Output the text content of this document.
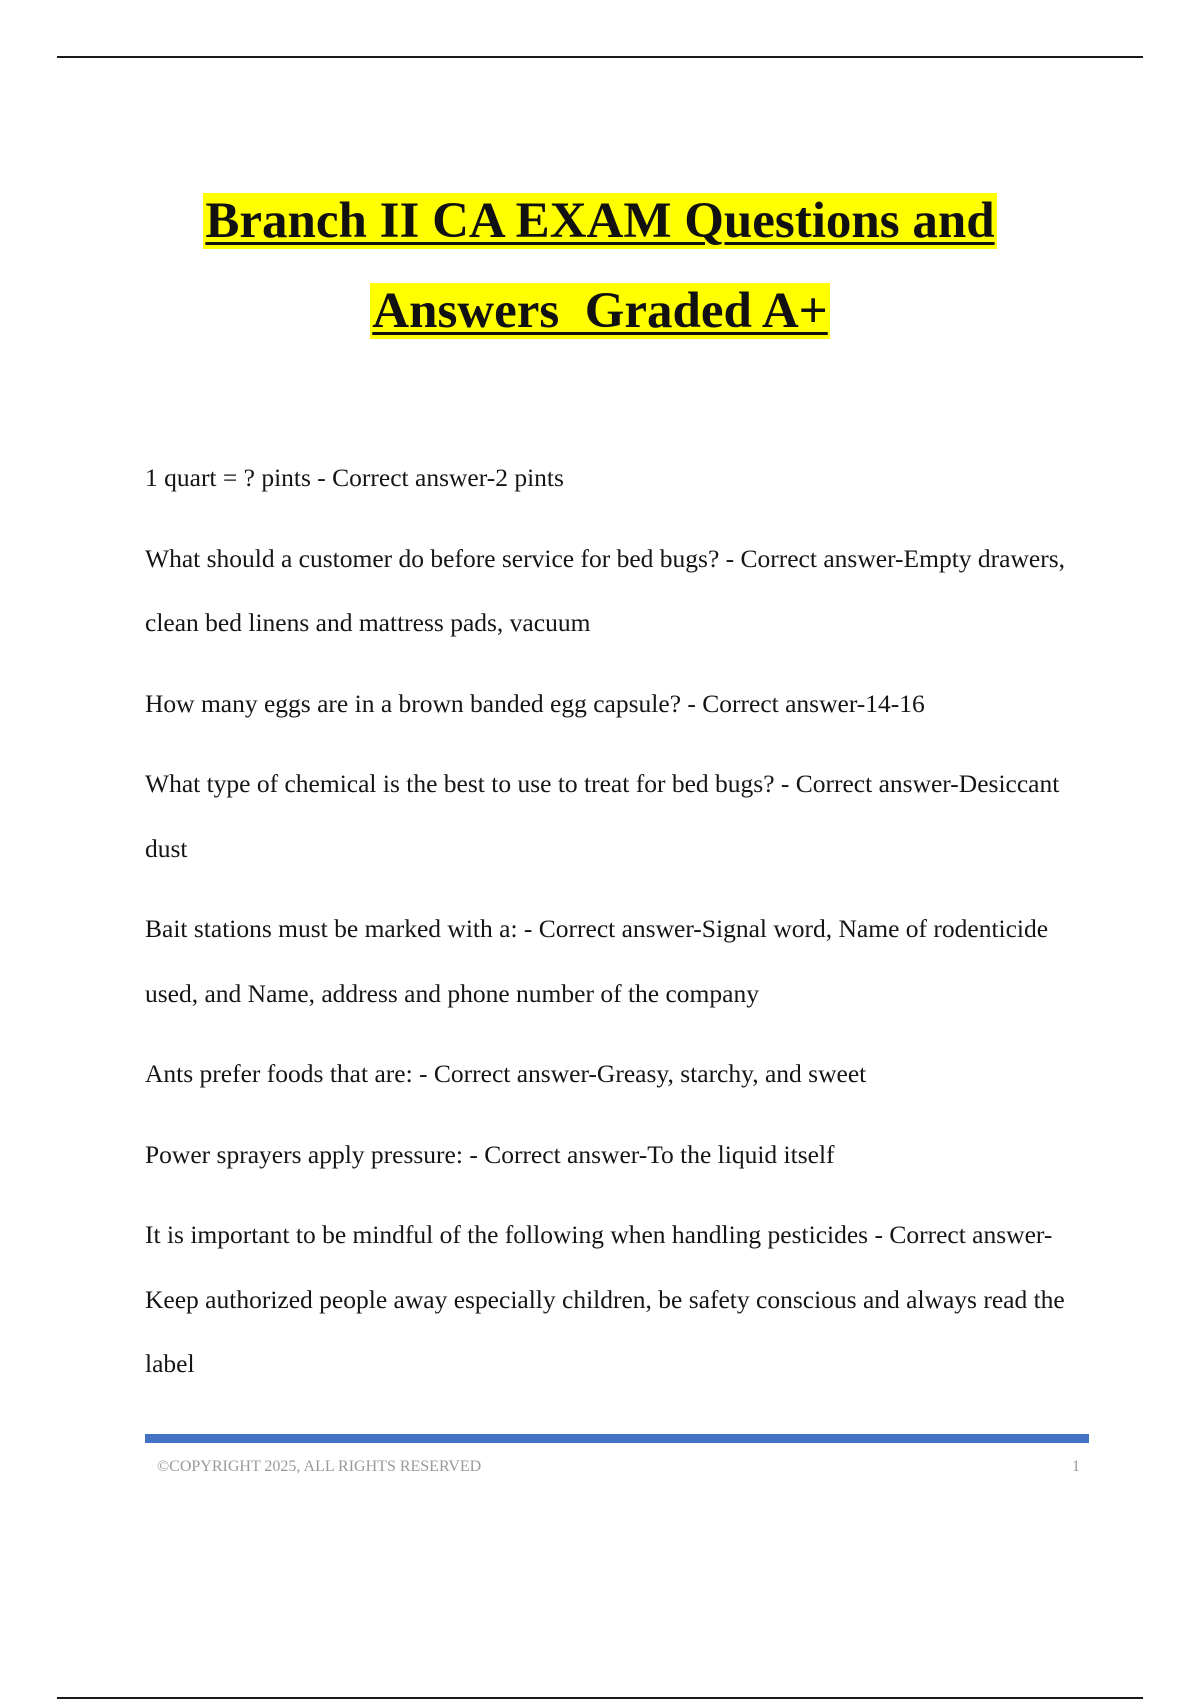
Branch II CA EXAM Questions and
Answers  Graded A+
1 quart = ? pints - Correct answer-2 pints
What should a customer do before service for bed bugs? - Correct answer-Empty drawers, clean bed linens and mattress pads, vacuum
How many eggs are in a brown banded egg capsule? - Correct answer-14-16
What type of chemical is the best to use to treat for bed bugs? - Correct answer-Desiccant dust
Bait stations must be marked with a: - Correct answer-Signal word, Name of rodenticide used, and Name, address and phone number of the company
Ants prefer foods that are: - Correct answer-Greasy, starchy, and sweet
Power sprayers apply pressure: - Correct answer-To the liquid itself
It is important to be mindful of the following when handling pesticides - Correct answer-Keep authorized people away especially children, be safety conscious and always read the label
©COPYRIGHT 2025, ALL RIGHTS RESERVED	1
